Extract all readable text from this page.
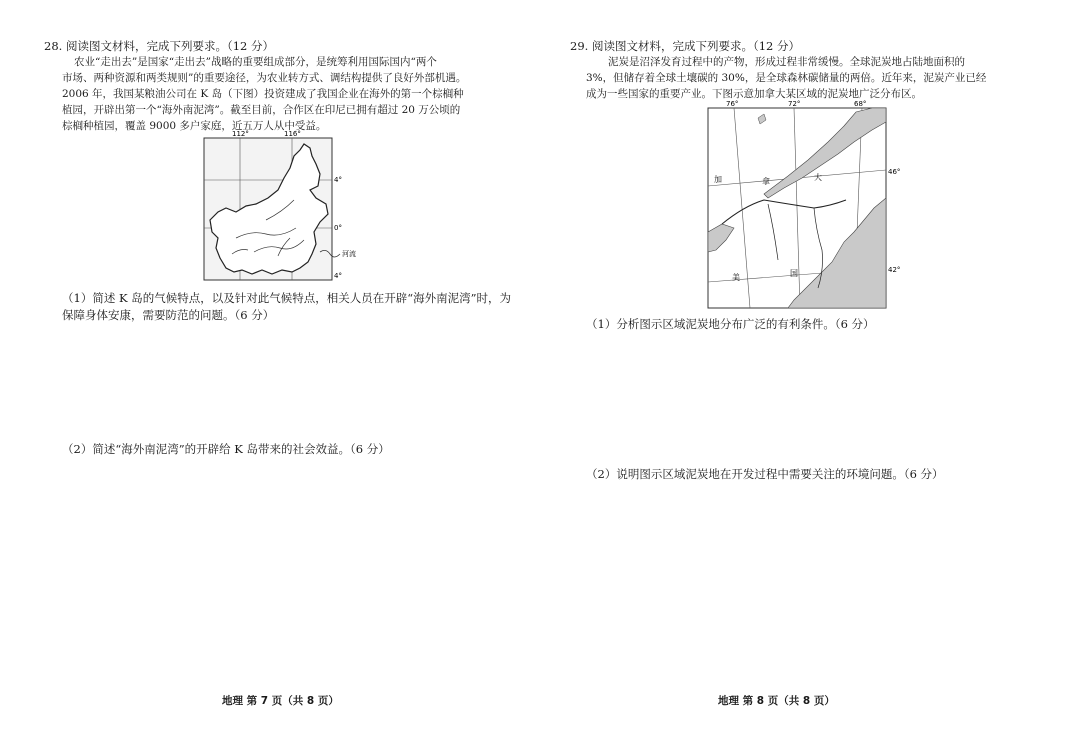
28. 阅读图文材料，完成下列要求。（12 分）
农业“走出去”是国家“走出去”战略的重要组成部分，是统筹利用国际国内“两个
市场、两种资源和两类规则”的重要途径，为农业转方式、调结构提供了良好外部机遇。
2006 年，我国某粮油公司在 K 岛（下图）投资建成了我国企业在海外的第一个棕榈种
植园，开辟出第一个“海外南泥湾”。截至目前，合作区在印尼已拥有超过 20 万公顷的
棕榈种植园，覆盖 9000 多户家庭，近五万人从中受益。
112°	116°
4°
0°
4°
河流
（1）简述 K 岛的气候特点，以及针对此气候特点，相关人员在开辟“海外南泥湾”时，为
保障身体安康，需要防范的问题。（6 分）
（2）简述“海外南泥湾”的开辟给 K 岛带来的社会效益。（6 分）
地理 第 7 页（共 8 页）
29. 阅读图文材料，完成下列要求。（12 分）
泥炭是沼泽发育过程中的产物，形成过程非常缓慢。全球泥炭地占陆地面积的
3%，但储存着全球土壤碳的 30%，是全球森林碳储量的两倍。近年来，泥炭产业已经
成为一些国家的重要产业。下图示意加拿大某区域的泥炭地广泛分布区。
加	拿	大
美	国
76°	72°	68°
46°
42°
（1）分析图示区域泥炭地分布广泛的有利条件。（6 分）
（2）说明图示区域泥炭地在开发过程中需要关注的环境问题。（6 分）
地理 第 8 页（共 8 页）
